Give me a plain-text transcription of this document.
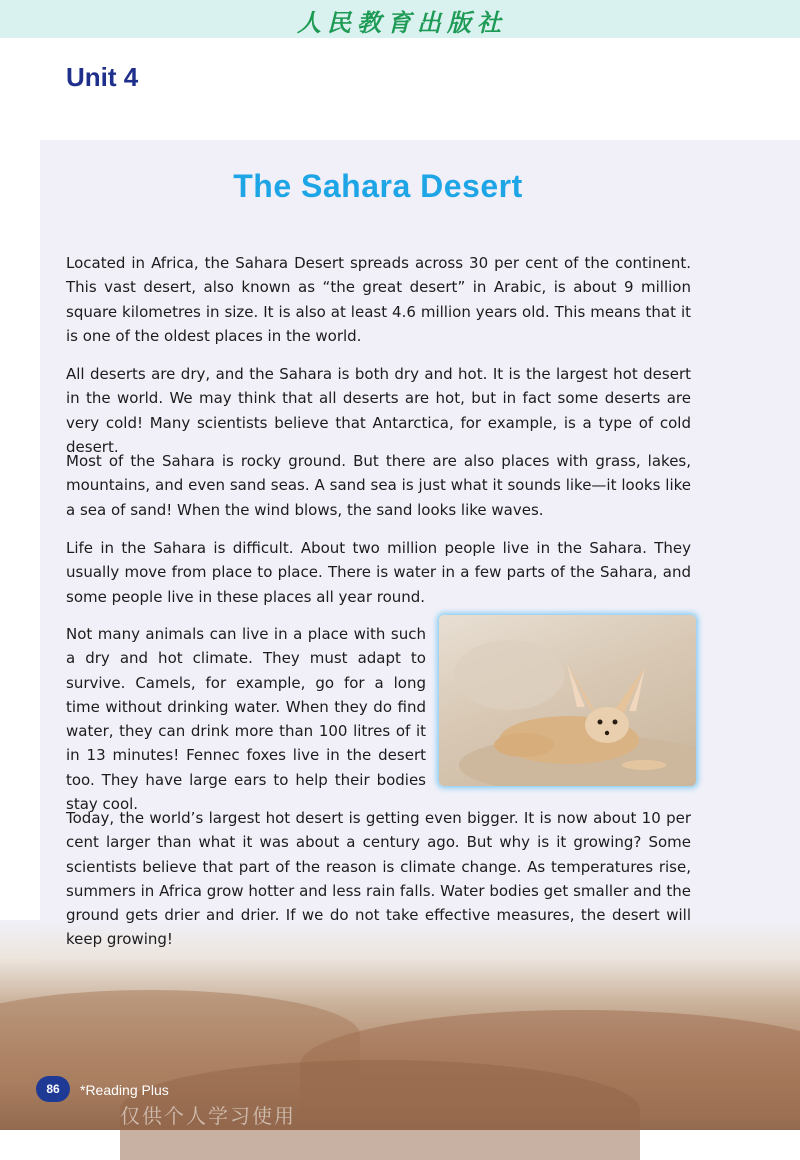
人民教育出版社
Unit 4
The Sahara Desert

Located in Africa, the Sahara Desert spreads across 30 per cent of the continent. This vast desert, also known as “the great desert” in Arabic, is about 9 million square kilometres in size. It is also at least 4.6 million years old. This means that it is one of the oldest places in the world.

All deserts are dry, and the Sahara is both dry and hot. It is the largest hot desert in the world. We may think that all deserts are hot, but in fact some deserts are very cold! Many scientists believe that Antarctica, for example, is a type of cold desert.

Most of the Sahara is rocky ground. But there are also places with grass, lakes, mountains, and even sand seas. A sand sea is just what it sounds like—it looks like a sea of sand! When the wind blows, the sand looks like waves.

Life in the Sahara is difficult. About two million people live in the Sahara. They usually move from place to place. There is water in a few parts of the Sahara, and some people live in these places all year round.

Not many animals can live in a place with such a dry and hot climate. They must adapt to survive. Camels, for example, go for a long time without drinking water. When they do find water, they can drink more than 100 litres of it in 13 minutes! Fennec foxes live in the desert too. They have large ears to help their bodies stay cool.

Today, the world’s largest hot desert is getting even bigger. It is now about 10 per cent larger than what it was about a century ago. But why is it growing? Some scientists believe that part of the reason is climate change. As temperatures rise, summers in Africa grow hotter and less rain falls. Water bodies get smaller and the ground gets drier and drier. If we do not take effective measures, the desert will keep growing!

86	*Reading Plus
仅供个人学习使用
